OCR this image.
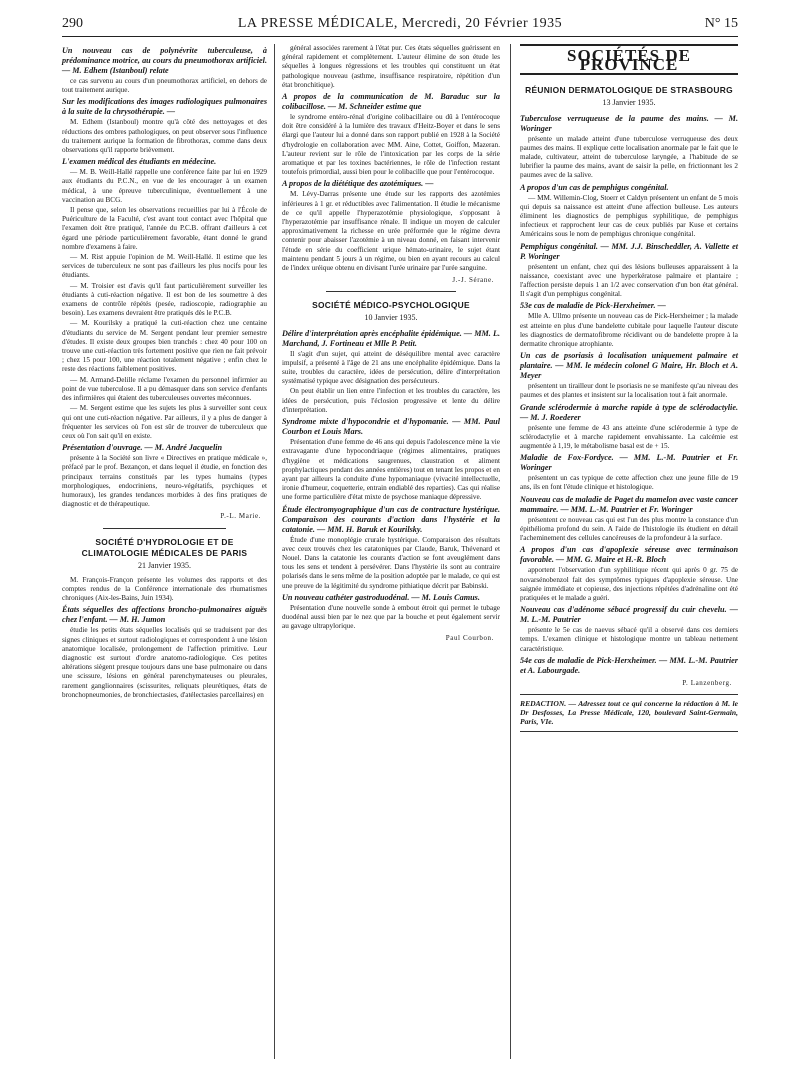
290	LA PRESSE MÉDICALE, Mercredi, 20 Février 1935	N° 15

Un nouveau cas de polynévrite tuberculeuse, à prédominance motrice, au cours du pneumothorax artificiel. — M. Edhem (Istanboul) relate

ce cas survenu au cours d'un pneumothorax artificiel, en dehors de tout traitement aurique.

Sur les modifications des images radiologiques pulmonaires à la suite de la chrysothérapie. —

M. Edhem (Istanboul) montre qu'à côté des nettoyages et des réductions des ombres pathologiques, on peut observer sous l'influence du traitement aurique la formation de fibrothorax, comme dans deux observations qu'il rapporte brièvement.

L'examen médical des étudiants en médecine.

— M. B. Weill-Hallé rappelle une conférence faite par lui en 1929 aux étudiants du P.C.N., en vue de les encourager à un examen médical, à une épreuve tuberculinique, éventuellement à une vaccination au BCG.

Il pense que, selon les observations recueillies par lui à l'École de Puériculture de la Faculté, c'est avant tout contact avec l'hôpital que l'examen doit être pratiqué, l'année du P.C.B. offrant d'ailleurs à cet égard une période particulièrement favorable, étant donné le grand nombre d'examens à faire.

— M. Rist appuie l'opinion de M. Weill-Hallé. Il estime que les services de tuberculeux ne sont pas d'ailleurs les plus nocifs pour les étudiants.

— M. Troisier est d'avis qu'il faut particulièrement surveiller les étudiants à cuti-réaction négative. Il est bon de les soumettre à des examens de contrôle répétés (pesée, radioscopie, radiographie au besoin). Les examens devraient être pratiqués dès le P.C.B.

— M. Kourilsky a pratiqué la cuti-réaction chez une centaine d'étudiants du service de M. Sergent pendant leur premier semestre d'études. Il existe deux groupes bien tranchés : chez 40 pour 100 on trouve une cuti-réaction très fortement positive que rien ne fait prévoir ; chez 15 pour 100, une réaction totalement négative ; enfin chez le reste des réactions faiblement positives.

— M. Armand-Delille réclame l'examen du personnel infirmier au point de vue tuberculose. Il a pu démasquer dans son service d'enfants des infirmières qui étaient des tuberculeuses ouvertes méconnues.

— M. Sergent estime que les sujets les plus à surveiller sont ceux qui ont une cuti-réaction négative. Par ailleurs, il y a plus de danger à fréquenter les services où l'on est sûr de trouver de tuberculeux que ceux où l'on sait qu'il en existe.

Présentation d'ouvrage. — M. André Jacquelin

présente à la Société son livre « Directives en pratique médicale », préfacé par le prof. Bezançon, et dans lequel il étudie, en fonction des principaux terrains constitués par les types humains (types morphologiques, endocriniens, neuro-végétatifs, psychiques et humoraux), les grandes tendances morbides à des fins pratiques de diagnostic et de thérapeutique.

P.-L. Marie.
SOCIÉTÉ D'HYDROLOGIE ET DE CLIMATOLOGIE MÉDICALES DE PARIS
21 Janvier 1935.

M. François-Françon présente les volumes des rapports et des comptes rendus de la Conférence internationale des rhumatismes chroniques (Aix-les-Bains, Juin 1934).

États séquelles des affections broncho-pulmonaires aiguës chez l'enfant. — M. H. Jumon

étudie les petits états séquelles localisés qui se traduisent par des signes cliniques et surtout radiologiques et correspondent à une lésion anatomique localisée, prolongement de l'affection primitive. Leur diagnostic est surtout d'ordre anatomo-radiologique. Ces petites altérations siègent presque toujours dans une base pulmonaire ou dans une scissure, lésions en général parenchymateuses ou pleurales, rarement ganglionnaires (scissurites, reliquats pleurétiques, états de bronchopneumonies, de bronchiectasies, d'atélectasies parcellaires) en

général associées rarement à l'état pur. Ces états séquelles guérissent en général rapidement et complètement. L'auteur élimine de son étude les séquelles à longues régressions et les troubles qui constituent un état pathologique nouveau (asthme, insuffisance respiratoire, répétition d'un état bronchitique).

A propos de la communication de M. Baraduc sur la colibacillose. — M. Schneider estime que

le syndrome entéro-rénal d'origine colibacillaire ou dû à l'entérocoque doit être considéré à la lumière des travaux d'Heitz-Boyer et dans le sens élargi que l'auteur lui a donné dans son rapport publié en 1928 à la Société d'hydrologie en collaboration avec MM. Aine, Cottet, Goiffon, Mazeran. L'auteur revient sur le rôle de l'intoxication par les corps de la série aromatique et par les toxines bactériennes, le rôle de l'infection restant toutefois primordial, aussi bien pour le colibacille que pour l'entérocoque.

A propos de la diététique des azotémiques. —

M. Lévy-Darras présente une étude sur les rapports des azotémies inférieures à 1 gr. et réductibles avec l'alimentation. Il étudie le mécanisme de ce qu'il appelle l'hyperazotémie physiologique, s'opposant à l'hyperazotémie par insuffisance rénale. Il indique un moyen de calculer approximativement la richesse en urée préformée que le régime devra contenir pour abaisser l'azotémie à un niveau donné, en faisant intervenir l'étude en série du coefficient urique hémato-urinaire, le sujet étant maintenu pendant 5 jours à un régime, ou bien en ayant recours au calcul de l'index uréique obtenu en divisant l'urée urinaire par l'urée sanguine.

J.-J. Sérane.
SOCIÉTÉ MÉDICO-PSYCHOLOGIQUE
10 Janvier 1935.

Délire d'interprétation après encéphalite épidémique. — MM. L. Marchand, J. Fortineau et Mlle P. Petit.

Il s'agit d'un sujet, qui atteint de déséquilibre mental avec caractère impulsif, a présenté à l'âge de 21 ans une encéphalite épidémique. Dans la suite, troubles du caractère, idées de persécution, délire d'interprétation systématisé typique avec désignation des persécuteurs.

On peut établir un lien entre l'infection et les troubles du caractère, les idées de persécution, puis l'éclosion progressive et lente du délire d'interprétation.

Syndrome mixte d'hypocondrie et d'hypomanie. — MM. Paul Courbon et Louis Mars.

Présentation d'une femme de 46 ans qui depuis l'adolescence mène la vie extravagante d'une hypocondriaque (régimes alimentaires, pratiques d'hygiène et médications saugrenues, claustration et aliment prophylactiques pendant des années entières) tout en tenant les propos et en ayant par ailleurs la conduite d'une hypomaniaque (vivacité intellectuelle, ironie d'humeur, coquetterie, entrain endiablé des reparties). Cas qui réalise une forme particulière d'état mixte de psychose maniaque dépressive.

Étude électromyographique d'un cas de contracture hystérique. Comparaison des courants d'action dans l'hystérie et la catatonie. — MM. H. Baruk et Kourilsky.

Étude d'une monoplégie crurale hystérique. Comparaison des résultats avec ceux trouvés chez les catatoniques par Claude, Baruk, Thévenard et Nouel. Dans la catatonie les courants d'action se font aveuglément dans tous les sens et tendent à persévérer. Dans l'hystérie ils sont au contraire polarisés dans le sens même de la position adoptée par le malade, ce qui est une preuve de la légitimité du syndrome pithiatique décrit par Babinski.

Un nouveau cathéter gastroduodénal. — M. Louis Camus.

Présentation d'une nouvelle sonde à embout étroit qui permet le tubage duodénal aussi bien par le nez que par la bouche et peut également servir au gavage ultrapylorique.

Paul Courbon.
SOCIÉTÉS DE PROVINCE
RÉUNION DERMATOLOGIQUE DE STRASBOURG
13 Janvier 1935.

Tuberculose verruqueuse de la paume des mains. — M. Woringer

présente un malade atteint d'une tuberculose verruqueuse des deux paumes des mains. Il explique cette localisation anormale par le fait que le malade, cultivateur, atteint de tuberculose laryngée, a l'habitude de se lubrifier la paume des mains, avant de saisir la pelle, en frictionnant les 2 paumes avec de la salive.

A propos d'un cas de pemphigus congénital.

— MM. Willemin-Clog, Stoerr et Caldyn présentent un enfant de 5 mois qui depuis sa naissance est atteint d'une affection bulleuse. Les auteurs éliminent les diagnostics de pemphigus syphilitique, de pemphigus infectieux et rapprochent leur cas de ceux publiés par Kuse et certains Américains sous le nom de pemphigus chronique congénital.

Pemphigus congénital. — MM. J.J. Binscheddler, A. Vallette et P. Woringer

présentent un enfant, chez qui des lésions bulleuses apparaissent à la naissance, coexistant avec une hyperkératose palmaire et plantaire ; l'affection persiste depuis 1 an 1/2 avec conservation d'un bon état général. Il s'agit d'un pemphigus congénital.

53e cas de maladie de Pick-Herxheimer. —

Mlle A. Ullmo présente un nouveau cas de Pick-Herxheimer ; la malade est atteinte en plus d'une bandelette cubitale pour laquelle l'auteur discute les diagnostics de dermatofibrome récidivant ou de bandelette propre à la dermatite chronique atrophiante.

Un cas de psoriasis à localisation uniquement palmaire et plantaire. — MM. le médecin colonel G Maire, Hr. Bloch et A. Meyer

présentent un tirailleur dont le psoriasis ne se manifeste qu'au niveau des paumes et des plantes et insistent sur la localisation tout à fait anormale.

Grande sclérodermie à marche rapide à type de sclérodactylie. — M. J. Roederer

présente une femme de 43 ans atteinte d'une sclérodermie à type de sclérodactylie et à marche rapidement envahissante. La calcémie est augmentée à 1,19, le métabolisme basal est de + 15.

Maladie de Fox-Fordyce. — MM. L.-M. Pautrier et Fr. Woringer

présentent un cas typique de cette affection chez une jeune fille de 19 ans, ils en font l'étude clinique et histologique.

Nouveau cas de maladie de Paget du mamelon avec vaste cancer mammaire. — MM. L.-M. Pautrier et Fr. Woringer

présentent ce nouveau cas qui est l'un des plus montre la constance d'un épithélioma profond du sein. A l'aide de l'histologie ils étudient en détail l'acheminement des cellules cancéreuses de la profondeur à la surface.

A propos d'un cas d'apoplexie séreuse avec terminaison favorable. — MM. G. Maire et H.-R. Bloch

apportent l'observation d'un syphilitique récent qui après 0 gr. 75 de novarsénobenzol fait des symptômes typiques d'apoplexie séreuse. Une saignée immédiate et copieuse, des injections répétées d'adrénaline ont été pratiquées et le malade a guéri.

Nouveau cas d'adénome sébacé progressif du cuir chevelu. — M. L.-M. Pautrier

présente le 5e cas de naevus sébacé qu'il a observé dans ces derniers temps. L'examen clinique et histologique montre un tableau nettement caractéristique.

54e cas de maladie de Pick-Herxheimer. — MM. L.-M. Pautrier et A. Labourgade.

P. Lanzenberg.
REDACTION. — Adressez tout ce qui concerne la rédaction à M. le Dr Desfosses, La Presse Médicale, 120, boulevard Saint-Germain, Paris, VIe.
